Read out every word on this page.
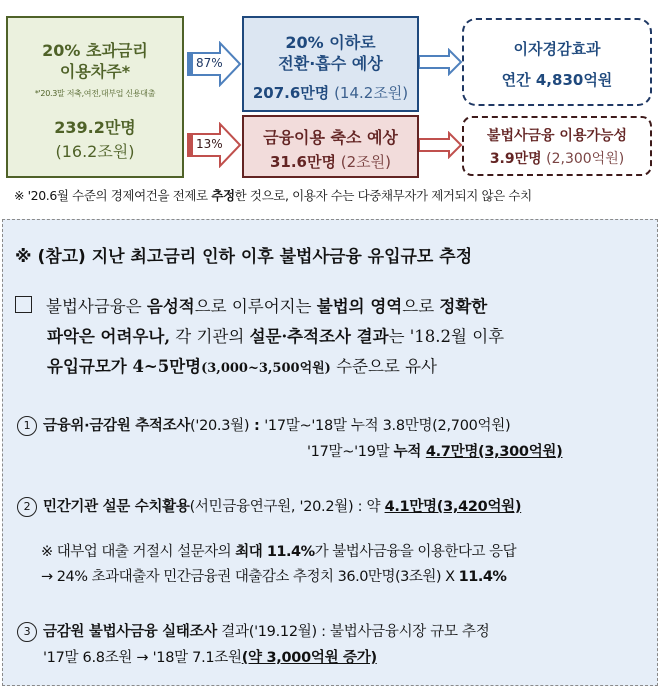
20% 초과금리
이용차주*
*'20.3말 저축,여전,대부업 신용대출
239.2만명
(16.2조원)
87%
13%
20% 이하로
전환·흡수 예상
207.6만명 (14.2조원)
금융이용 축소 예상
31.6만명 (2조원)
이자경감효과
연간 4,830억원
불법사금융 이용가능성
3.9만명 (2,300억원)
※ '20.6월 수준의 경제여건을 전제로 추정한 것으로, 이용자 수는 다중채무자가 제거되지 않은 수치
※ (참고) 지난 최고금리 인하 이후 불법사금융 유입규모 추정
불법사금융은 음성적으로 이루어지는 불법의 영역으로 정확한
파악은 어려우나, 각 기관의 설문·추적조사 결과는 '18.2월 이후
유입규모가 4~5만명(3,000~3,500억원) 수준으로 유사
1 금융위·금감원 추적조사('20.3월) : '17말~'18말 누적 3.8만명(2,700억원)
'17말~'19말 누적 4.7만명(3,300억원)
2 민간기관 설문 수치활용(서민금융연구원, '20.2월) : 약 4.1만명(3,420억원)
※ 대부업 대출 거절시 설문자의 최대 11.4%가 불법사금융을 이용한다고 응답
→ 24% 초과대출자 민간금융권 대출감소 추정치 36.0만명(3조원) X 11.4%
3 금감원 불법사금융 실태조사 결과('19.12월) : 불법사금융시장 규모 추정
'17말 6.8조원 → '18말 7.1조원(약 3,000억원 증가)
